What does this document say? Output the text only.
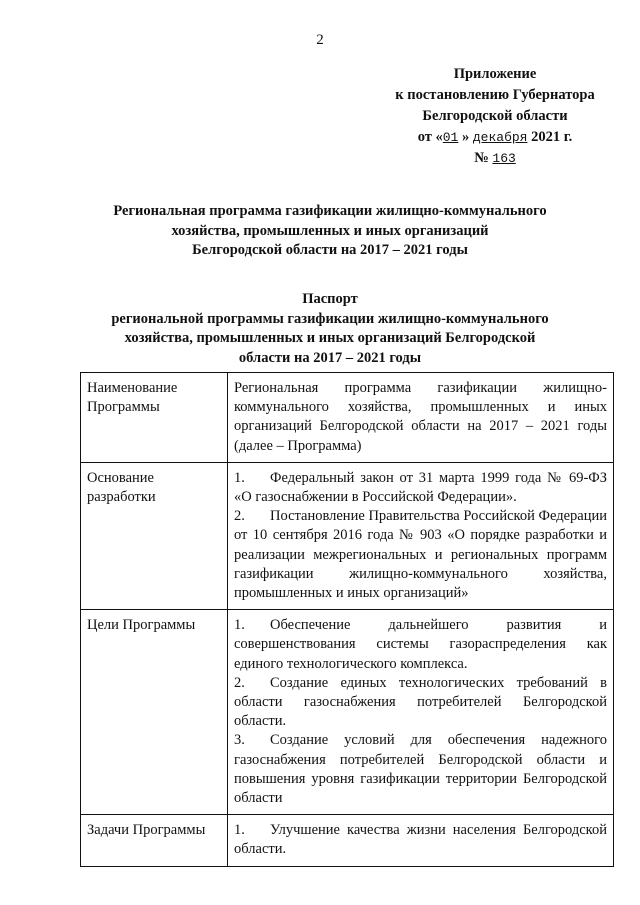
2
Приложение
к постановлению Губернатора
Белгородской области
от «01 » декабря 2021 г.
№ 163
Региональная программа газификации жилищно-коммунального
хозяйства, промышленных и иных организаций
Белгородской области на 2017 – 2021 годы
Паспорт
региональной программы газификации жилищно-коммунального
хозяйства, промышленных и иных организаций Белгородской
области на 2017 – 2021 годы
Наименование Программы	Региональная программа газификации жилищно-коммунального хозяйства, промышленных и иных организаций Белгородской области на 2017 – 2021 годы (далее – Программа)
Основание разработки	1. Федеральный закон от 31 марта 1999 года № 69-ФЗ «О газоснабжении в Российской Федерации».

2. Постановление Правительства Российской Федерации от 10 сентября 2016 года № 903 «О порядке разработки и реализации межрегиональных и региональных программ газификации жилищно-коммунального хозяйства, промышленных и иных организаций»

Цели Программы	1. Обеспечение дальнейшего развития и совершенствования системы газораспределения как единого технологического комплекса.

2. Создание единых технологических требований в области газоснабжения потребителей Белгородской области.

3. Создание условий для обеспечения надежного газоснабжения потребителей Белгородской области и повышения уровня газификации территории Белгородской области

Задачи Программы	1. Улучшение качества жизни населения Белгородской области.
